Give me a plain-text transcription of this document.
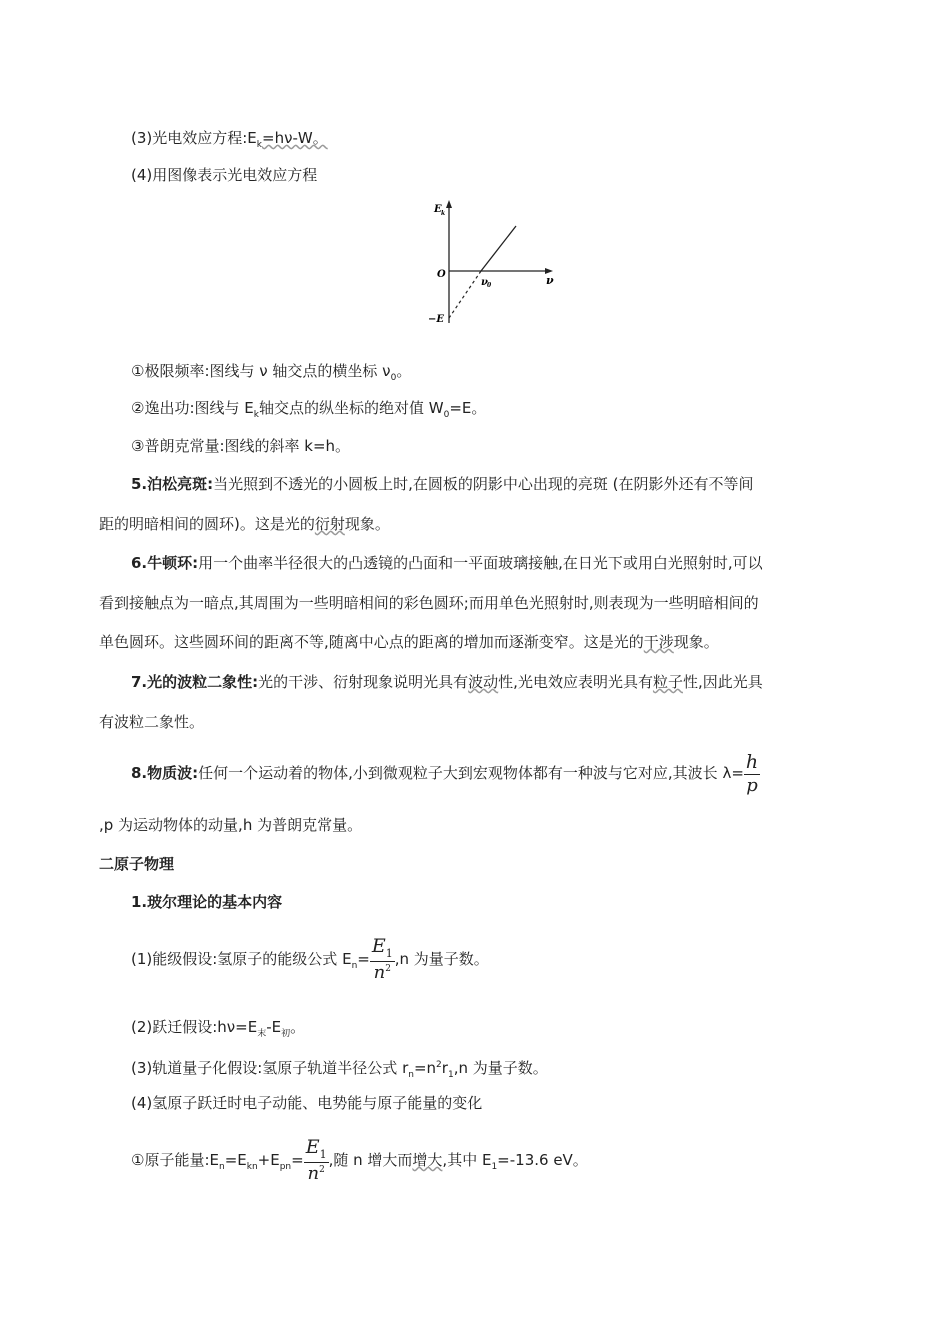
(3)光电效应方程$:E_k=h\nu-W$。
(4)用图像表示光电效应方程
E k
O
ν 0	ν
−E
①极限频率:图线与 ν 轴交点的横坐标 $\nu_0$。
②逸出功:图线与 $E_k$轴交点的纵坐标的绝对值 $W_0=E$。
③普朗克常量:图线的斜率 k=h。
5.泊松亮斑:当光照到不透光的小圆板上时,在圆板的阴影中心出现的亮斑 (在阴影外还有不等间
距的明暗相间的圆环)。这是光的衍射现象。
6.牛顿环:用一个曲率半径很大的凸透镜的凸面和一平面玻璃接触,在日光下或用白光照射时,可以
看到接触点为一暗点,其周围为一些明暗相间的彩色圆环;而用单色光照射时,则表现为一些明暗相间的
单色圆环。这些圆环间的距离不等,随离中心点的距离的增加而逐渐变窄。这是光的干涉现象。
7.光的波粒二象性:光的干涉、衍射现象说明光具有波动性,光电效应表明光具有粒子性,因此光具
有波粒二象性。
8.物质波:任何一个运动着的物体,小到微观粒子大到宏观物体都有一种波与它对应,其波长 $\lambda= \frac{h}{p}$
,p 为运动物体的动量,h 为普朗克常量。
二原子物理
1.玻尔理论的基本内容
(1)能级假设:氢原子的能级公式 $E_n= \frac{E_1}{n^2} ,n$ 为量子数。
(2)跃迁假设$:h\nu=E_末-E_初$。
(3)轨道量子化假设:氢原子轨道半径公式 $r_n=n^2r_1,n$ 为量子数。
(4)氢原子跃迁时电子动能、电势能与原子能量的变化
①原子能量$:E_n=E_{kn}+E_{pn}= \frac{E_1}{n^2}$ ,随 n 增大而增大,其中 $E_1=-13.6$ eV。
